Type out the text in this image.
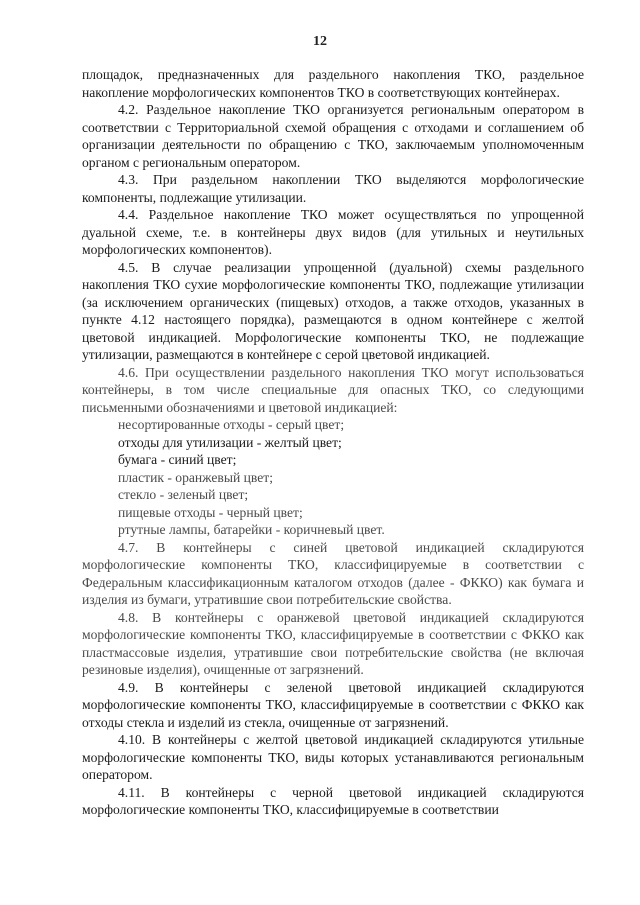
12

площадок, предназначенных для раздельного накопления ТКО, раздельное накопление морфологических компонентов ТКО в соответствующих контейнерах.

4.2. Раздельное накопление ТКО организуется региональным оператором в соответствии с Территориальной схемой обращения с отходами и соглашением об организации деятельности по обращению с ТКО, заключаемым уполномоченным органом с региональным оператором.

4.3. При раздельном накоплении ТКО выделяются морфологические компоненты, подлежащие утилизации.

4.4. Раздельное накопление ТКО может осуществляться по упрощенной дуальной схеме, т.е. в контейнеры двух видов (для утильных и неутильных морфологических компонентов).

4.5. В случае реализации упрощенной (дуальной) схемы раздельного накопления ТКО сухие морфологические компоненты ТКО, подлежащие утилизации (за исключением органических (пищевых) отходов, а также отходов, указанных в пункте 4.12 настоящего порядка), размещаются в одном контейнере с желтой цветовой индикацией. Морфологические компоненты ТКО, не подлежащие утилизации, размещаются в контейнере с серой цветовой индикацией.

4.6. При осуществлении раздельного накопления ТКО могут использоваться контейнеры, в том числе специальные для опасных ТКО, со следующими письменными обозначениями и цветовой индикацией:

несортированные отходы - серый цвет;

отходы для утилизации - желтый цвет;

бумага - синий цвет;

пластик - оранжевый цвет;

стекло - зеленый цвет;

пищевые отходы - черный цвет;

ртутные лампы, батарейки - коричневый цвет.

4.7. В контейнеры с синей цветовой индикацией складируются морфологические компоненты ТКО, классифицируемые в соответствии с Федеральным классификационным каталогом отходов (далее - ФККО) как бумага и изделия из бумаги, утратившие свои потребительские свойства.

4.8. В контейнеры с оранжевой цветовой индикацией складируются морфологические компоненты ТКО, классифицируемые в соответствии с ФККО как пластмассовые изделия, утратившие свои потребительские свойства (не включая резиновые изделия), очищенные от загрязнений.

4.9. В контейнеры с зеленой цветовой индикацией складируются морфологические компоненты ТКО, классифицируемые в соответствии с ФККО как отходы стекла и изделий из стекла, очищенные от загрязнений.

4.10. В контейнеры с желтой цветовой индикацией складируются утильные морфологические компоненты ТКО, виды которых устанавливаются региональным оператором.

4.11. В контейнеры с черной цветовой индикацией складируются морфологические компоненты ТКО, классифицируемые в соответствии
